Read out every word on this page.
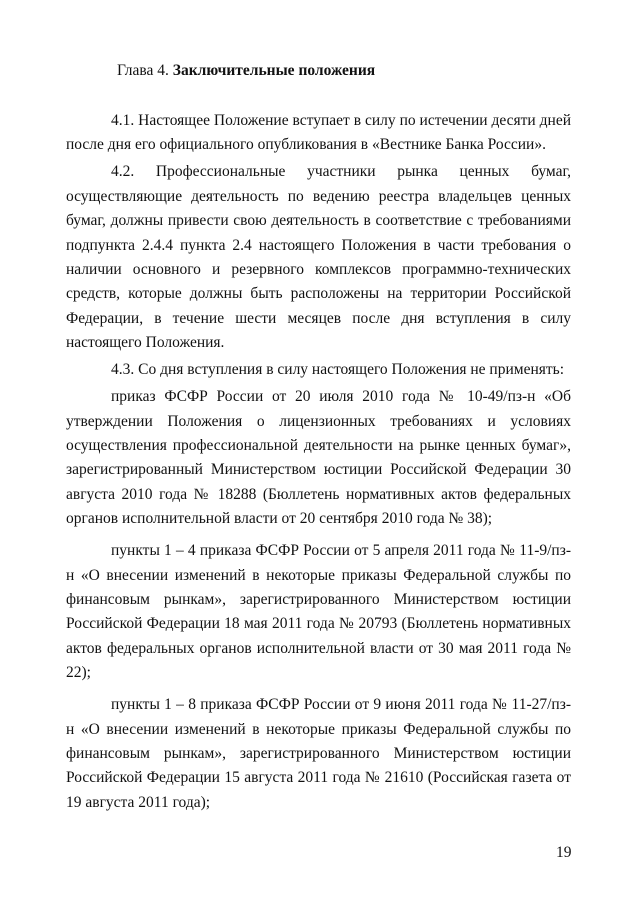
Глава 4. Заключительные положения

4.1. Настоящее Положение вступает в силу по истечении десяти дней после дня его официального опубликования в «Вестнике Банка России».

4.2. Профессиональные участники рынка ценных бумаг, осуществляющие деятельность по ведению реестра владельцев ценных бумаг, должны привести свою деятельность в соответствие с требованиями подпункта 2.4.4 пункта 2.4 настоящего Положения в части требования о наличии основного и резервного комплексов программно-технических средств, которые должны быть расположены на территории Российской Федерации, в течение шести месяцев после дня вступления в силу настоящего Положения.

4.3. Со дня вступления в силу настоящего Положения не применять:

приказ ФСФР России от 20 июля 2010 года № 10-49/пз-н «Об утверждении Положения о лицензионных требованиях и условиях осуществления профессиональной деятельности на рынке ценных бумаг», зарегистрированный Министерством юстиции Российской Федерации 30 августа 2010 года № 18288 (Бюллетень нормативных актов федеральных органов исполнительной власти от 20 сентября 2010 года № 38);

пункты 1 – 4 приказа ФСФР России от 5 апреля 2011 года № 11-9/пз-н «О внесении изменений в некоторые приказы Федеральной службы по финансовым рынкам», зарегистрированного Министерством юстиции Российской Федерации 18 мая 2011 года № 20793 (Бюллетень нормативных актов федеральных органов исполнительной власти от 30 мая 2011 года № 22);

пункты 1 – 8 приказа ФСФР России от 9 июня 2011 года № 11-27/пз-н «О внесении изменений в некоторые приказы Федеральной службы по финансовым рынкам», зарегистрированного Министерством юстиции Российской Федерации 15 августа 2011 года № 21610 (Российская газета от 19 августа 2011 года);

19
